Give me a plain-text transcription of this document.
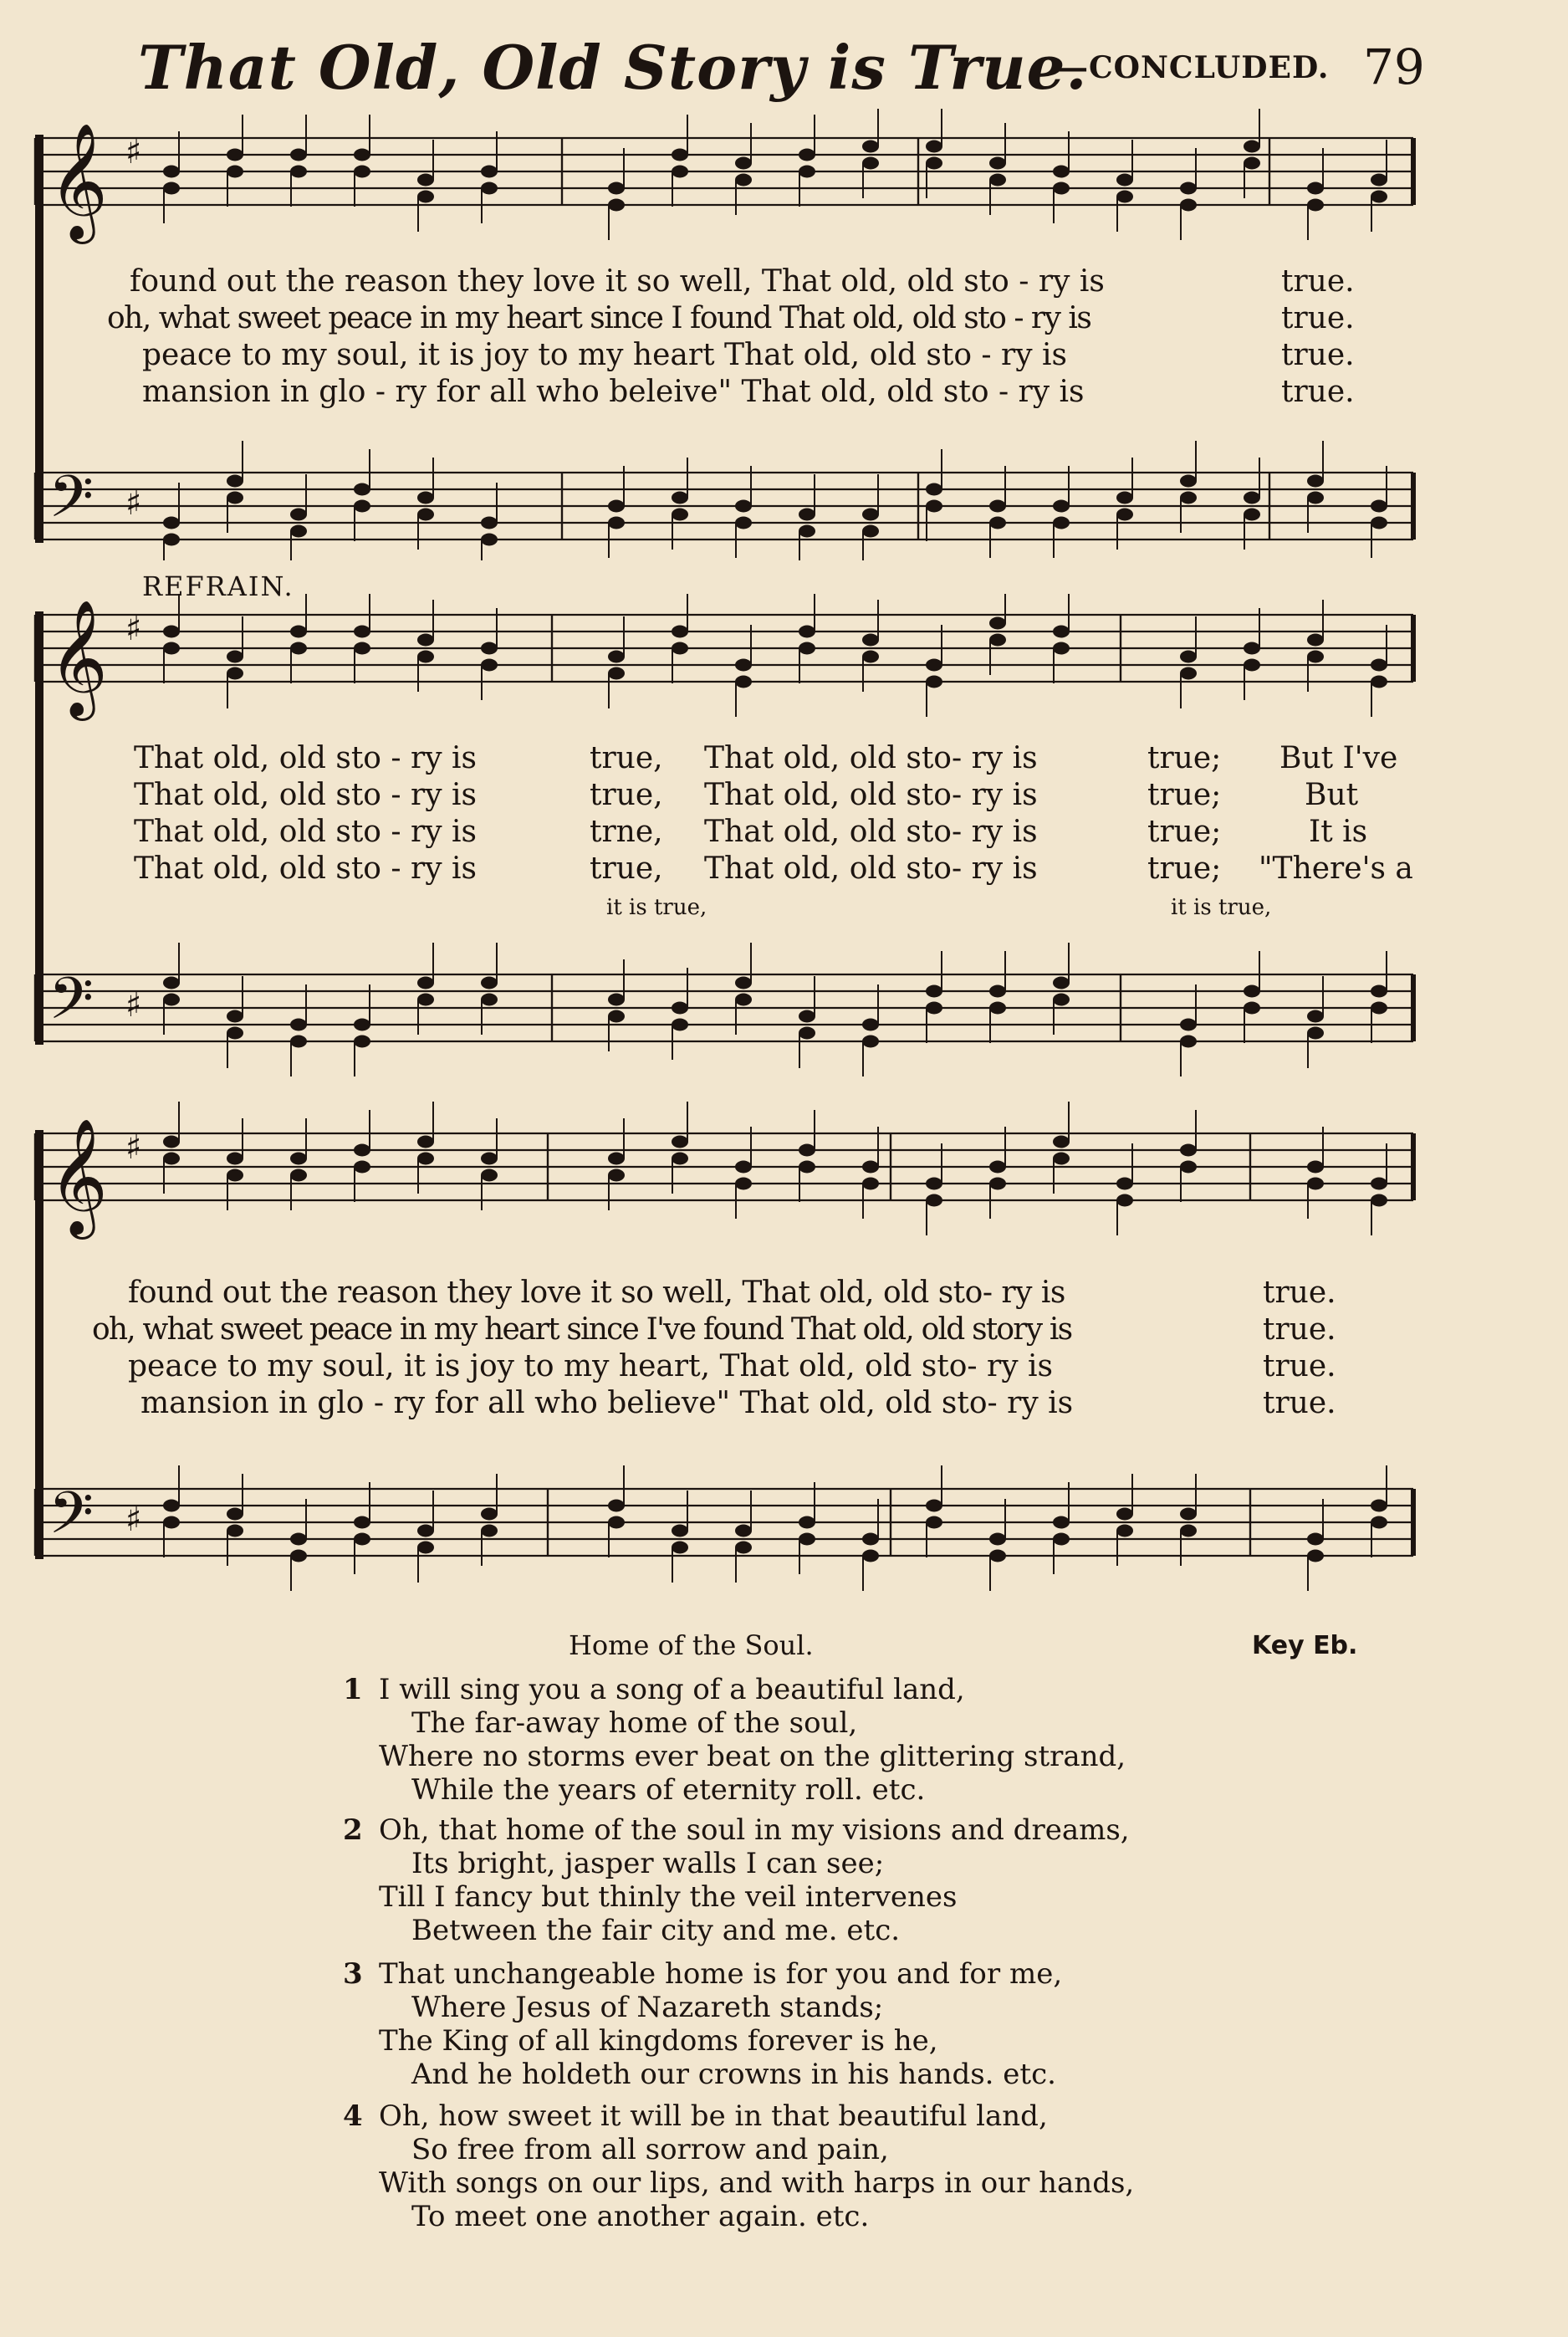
That Old, Old Story is True.
—CONCLUDED. 79
𝄞
𝄢
♯
♯
found out the reason they love it so well, That old, old sto - ry is	true.
oh, what sweet peace in my heart since I found That old, old sto - ry is	true.
peace to my soul, it is joy to my heart That old, old sto - ry is	true.
mansion in glo - ry for all who beleive" That old, old sto - ry is	true.
REFRAIN.
𝄞
𝄢
♯
♯
That old, old sto - ry is	true, That old, old sto- ry is	true; But I've
That old, old sto - ry is	true, That old, old sto- ry is	true;	But
That old, old sto - ry is	trne, That old, old sto- ry is	true;	It is
That old, old sto - ry is	true, That old, old sto- ry is	true; "There's a
it is true,	it is true,
𝄞
𝄢
♯
♯
found out the reason they love it so well, That old, old sto- ry is	true.
oh, what sweet peace in my heart since I've found That old, old story is	true.
peace to my soul, it is joy to my heart, That old, old sto- ry is	true.
mansion in glo - ry for all who believe" That old, old sto- ry is	true.
Home of the Soul.	Key Eb.
1 I will sing you a song of a beautiful land,
The far-away home of the soul,
Where no storms ever beat on the glittering strand,
While the years of eternity roll. etc.
2 Oh, that home of the soul in my visions and dreams,
Its bright, jasper walls I can see;
Till I fancy but thinly the veil intervenes
Between the fair city and me. etc.
3 That unchangeable home is for you and for me,
Where Jesus of Nazareth stands;
The King of all kingdoms forever is he,
And he holdeth our crowns in his hands. etc.
4 Oh, how sweet it will be in that beautiful land,
So free from all sorrow and pain,
With songs on our lips, and with harps in our hands,
To meet one another again. etc.
